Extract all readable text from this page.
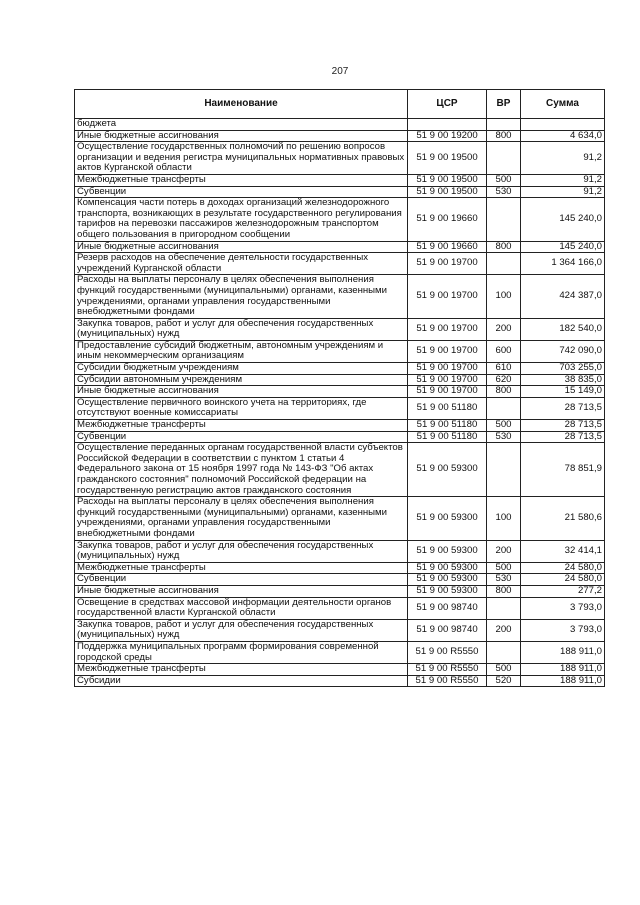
207
Наименование	ЦСР	ВР	Сумма
бюджета			
Иные бюджетные ассигнования	51 9 00 19200	800	4 634,0
Осуществление государственных полномочий по решению вопросов организации и ведения регистра муниципальных нормативных правовых актов Курганской области	51 9 00 19500		91,2
Межбюджетные трансферты	51 9 00 19500	500	91,2
Субвенции	51 9 00 19500	530	91,2
Компенсация части потерь в доходах организаций железнодорожного транспорта, возникающих в результате государственного регулирования тарифов на перевозки пассажиров железнодорожным транспортом общего пользования в пригородном сообщении	51 9 00 19660		145 240,0
Иные бюджетные ассигнования	51 9 00 19660	800	145 240,0
Резерв расходов на обеспечение деятельности государственных учреждений Курганской области	51 9 00 19700		1 364 166,0
Расходы на выплаты персоналу в целях обеспечения выполнения функций государственными (муниципальными) органами, казенными учреждениями, органами управления государственными внебюджетными фондами	51 9 00 19700	100	424 387,0
Закупка товаров, работ и услуг для обеспечения государственных (муниципальных) нужд	51 9 00 19700	200	182 540,0
Предоставление субсидий бюджетным, автономным учреждениям и иным некоммерческим организациям	51 9 00 19700	600	742 090,0
Субсидии бюджетным учреждениям	51 9 00 19700	610	703 255,0
Субсидии автономным учреждениям	51 9 00 19700	620	38 835,0
Иные бюджетные ассигнования	51 9 00 19700	800	15 149,0
Осуществление первичного воинского учета на территориях, где отсутствуют военные комиссариаты	51 9 00 51180		28 713,5
Межбюджетные трансферты	51 9 00 51180	500	28 713,5
Субвенции	51 9 00 51180	530	28 713,5
Осуществление переданных органам государственной власти субъектов Российской Федерации в соответствии с пунктом 1 статьи 4 Федерального закона от 15 ноября 1997 года № 143-ФЗ "Об актах гражданского состояния" полномочий Российской федерации на государственную регистрацию актов гражданского состояния	51 9 00 59300		78 851,9
Расходы на выплаты персоналу в целях обеспечения выполнения функций государственными (муниципальными) органами, казенными учреждениями, органами управления государственными внебюджетными фондами	51 9 00 59300	100	21 580,6
Закупка товаров, работ и услуг для обеспечения государственных (муниципальных) нужд	51 9 00 59300	200	32 414,1
Межбюджетные трансферты	51 9 00 59300	500	24 580,0
Субвенции	51 9 00 59300	530	24 580,0
Иные бюджетные ассигнования	51 9 00 59300	800	277,2
Освещение в средствах массовой информации деятельности органов государственной власти Курганской области	51 9 00 98740		3 793,0
Закупка товаров, работ и услуг для обеспечения государственных (муниципальных) нужд	51 9 00 98740	200	3 793,0
Поддержка муниципальных программ формирования современной городской среды	51 9 00 R5550		188 911,0
Межбюджетные трансферты	51 9 00 R5550	500	188 911,0
Субсидии	51 9 00 R5550	520	188 911,0
